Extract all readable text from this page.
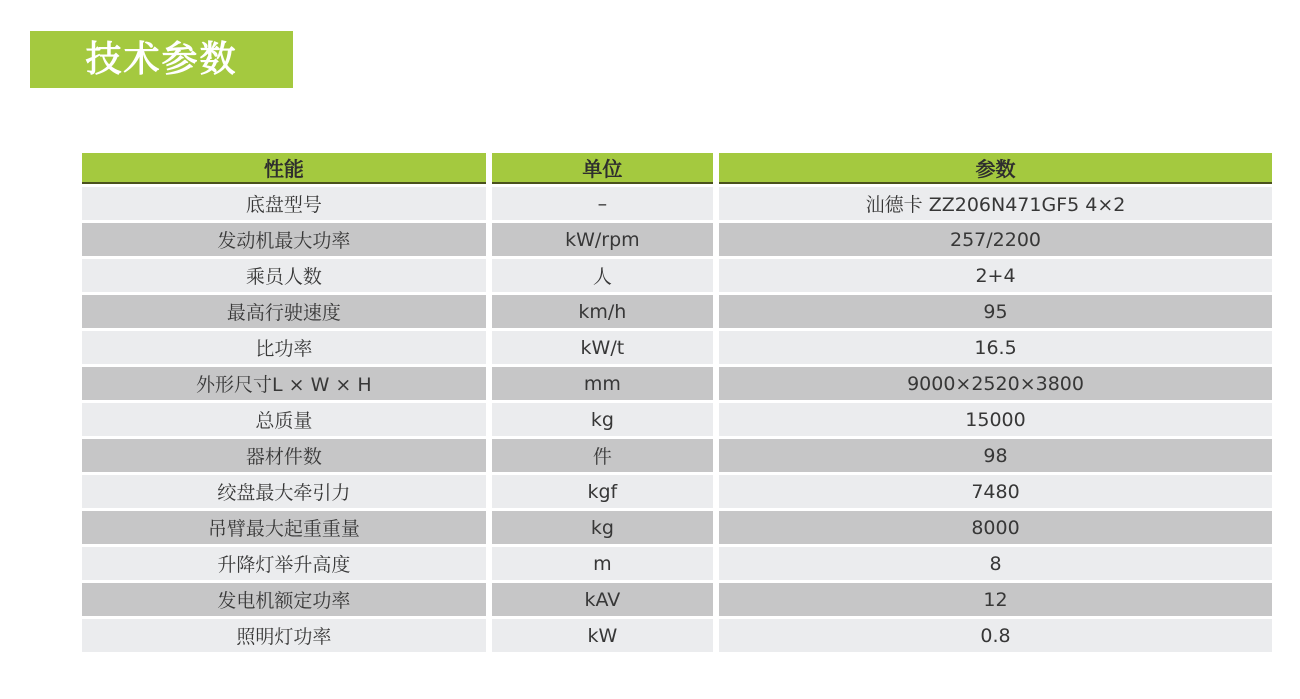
技术参数
性能	单位	参数
底盘型号	–	汕德卡 ZZ206N471GF5 4×2
发动机最大功率	kW/rpm	257/2200
乘员人数	人	2+4
最高行驶速度	km/h	95
比功率	kW/t	16.5
外形尺寸L × W × H	mm	9000×2520×3800
总质量	kg	15000
器材件数	件	98
绞盘最大牵引力	kgf	7480
吊臂最大起重重量	kg	8000
升降灯举升高度	m	8
发电机额定功率	kAV	12
照明灯功率	kW	0.8
